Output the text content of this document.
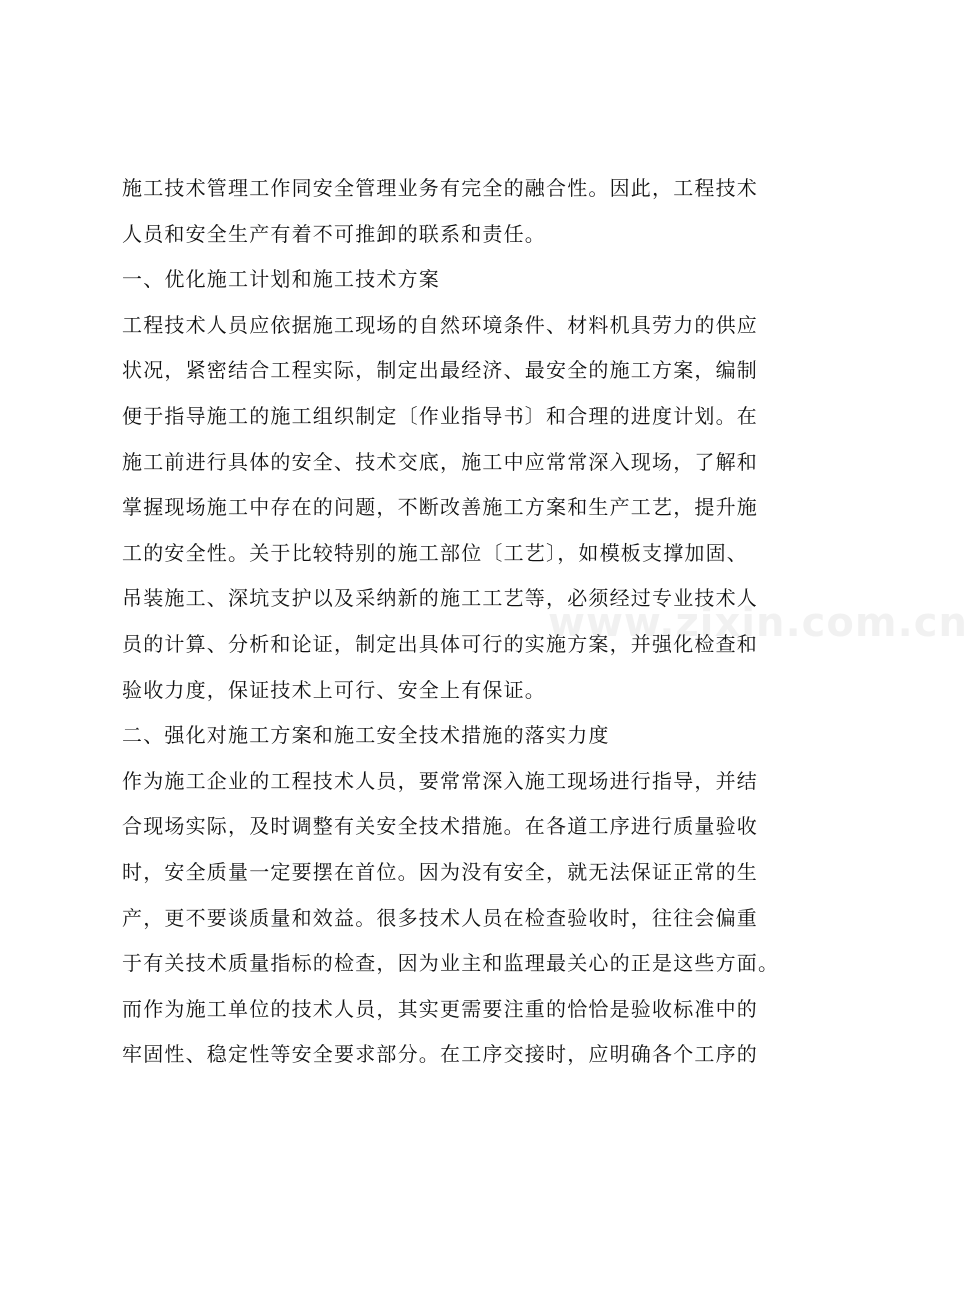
施工技术管理工作同安全管理业务有完全的融合性。因此，工程技术
人员和安全生产有着不可推卸的联系和责任。
一、优化施工计划和施工技术方案
工程技术人员应依据施工现场的自然环境条件、材料机具劳力的供应
状况，紧密结合工程实际，制定出最经济、最安全的施工方案，编制
便于指导施工的施工组织制定〔作业指导书〕和合理的进度计划。在
施工前进行具体的安全、技术交底，施工中应常常深入现场，了解和
掌握现场施工中存在的问题，不断改善施工方案和生产工艺，提升施
工的安全性。关于比较特别的施工部位〔工艺〕，如模板支撑加固、
吊装施工、深坑支护以及采纳新的施工工艺等，必须经过专业技术人
员的计算、分析和论证，制定出具体可行的实施方案，并强化检查和
验收力度，保证技术上可行、安全上有保证。
二、强化对施工方案和施工安全技术措施的落实力度
作为施工企业的工程技术人员，要常常深入施工现场进行指导，并结
合现场实际，及时调整有关安全技术措施。在各道工序进行质量验收
时，安全质量一定要摆在首位。因为没有安全，就无法保证正常的生
产，更不要谈质量和效益。很多技术人员在检查验收时，往往会偏重
于有关技术质量指标的检查，因为业主和监理最关心的正是这些方面。
而作为施工单位的技术人员，其实更需要注重的恰恰是验收标准中的
牢固性、稳定性等安全要求部分。在工序交接时，应明确各个工序的
www.zixin.com.cn
